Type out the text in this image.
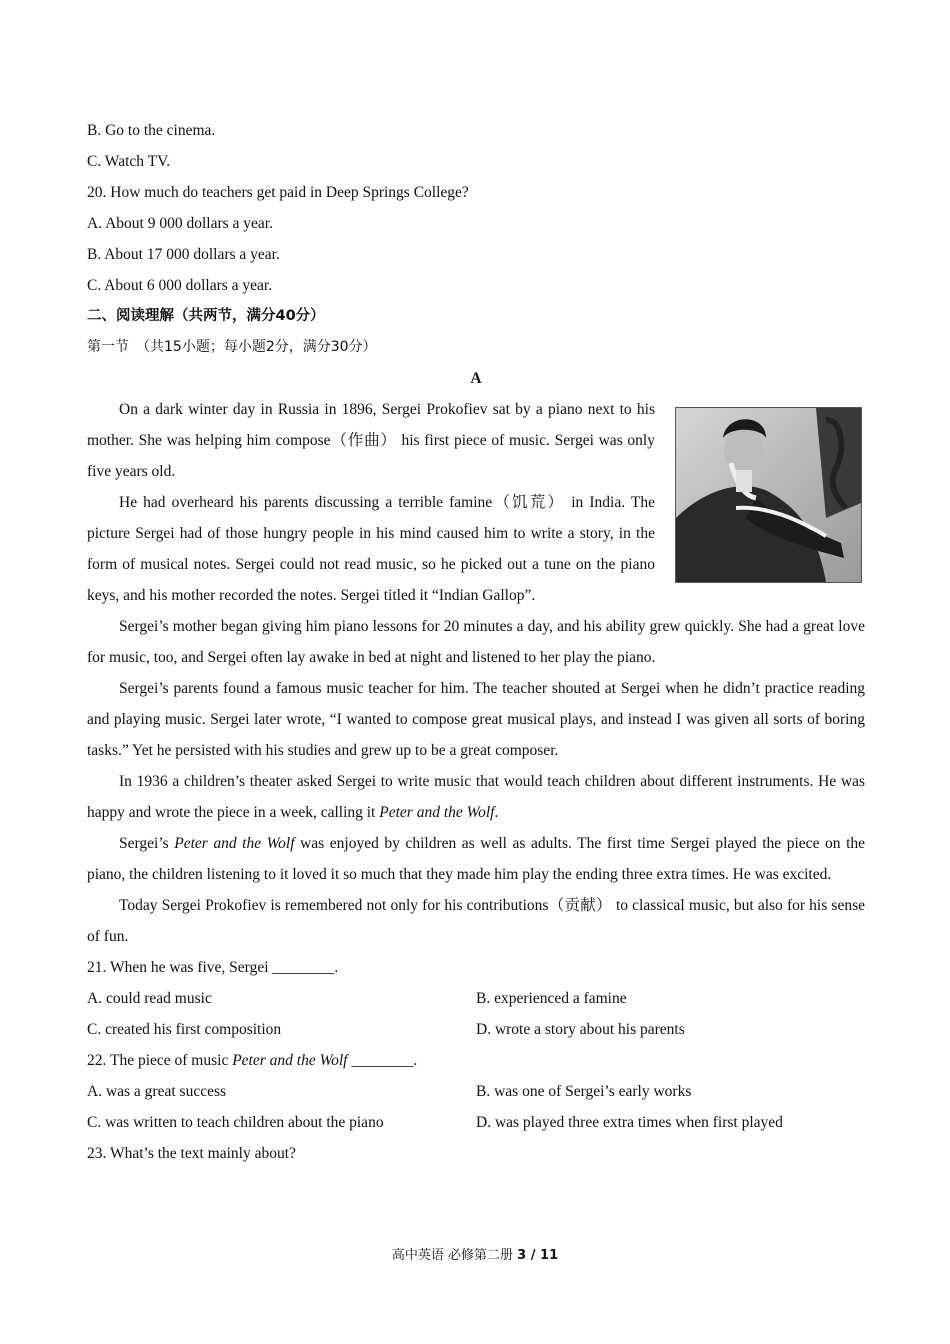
B. Go to the cinema.
C. Watch TV.
20. How much do teachers get paid in Deep Springs College?
A. About 9 000 dollars a year.
B. About 17 000 dollars a year.
C. About 6 000 dollars a year.
二、阅读理解（共两节，满分40分）
第一节　（共15小题；每小题2分，满分30分）
A

On a dark winter day in Russia in 1896, Sergei Prokofiev sat by a piano next to his mother. She was helping him compose（作曲） his first piece of music. Sergei was only five years old.

He had overheard his parents discussing a terrible famine（饥荒） in India. The picture Sergei had of those hungry people in his mind caused him to write a story, in the form of musical notes. Sergei could not read music, so he picked out a tune on the piano keys, and his mother recorded the notes. Sergei titled it “Indian Gallop”.

Sergei’s mother began giving him piano lessons for 20 minutes a day, and his ability grew quickly. She had a great love for music, too, and Sergei often lay awake in bed at night and listened to her play the piano.

Sergei’s parents found a famous music teacher for him. The teacher shouted at Sergei when he didn’t practice reading and playing music. Sergei later wrote, “I wanted to compose great musical plays, and instead I was given all sorts of boring tasks.” Yet he persisted with his studies and grew up to be a great composer.

In 1936 a children’s theater asked Sergei to write music that would teach children about different instruments. He was happy and wrote the piece in a week, calling it Peter and the Wolf.

Sergei’s Peter and the Wolf was enjoyed by children as well as adults. The first time Sergei played the piece on the piano, the children listening to it loved it so much that they made him play the ending three extra times. He was excited.

Today Sergei Prokofiev is remembered not only for his contributions（贡献） to classical music, but also for his sense of fun.

21. When he was five, Sergei ________.
A. could read music	B. experienced a famine
C. created his first composition	D. wrote a story about his parents
22. The piece of music Peter and the Wolf ________.
A. was a great success	B. was one of Sergei’s early works
C. was written to teach children about the piano	D. was played three extra times when first played
23. What’s the text mainly about?
高中英语 必修第二册 3 / 11
